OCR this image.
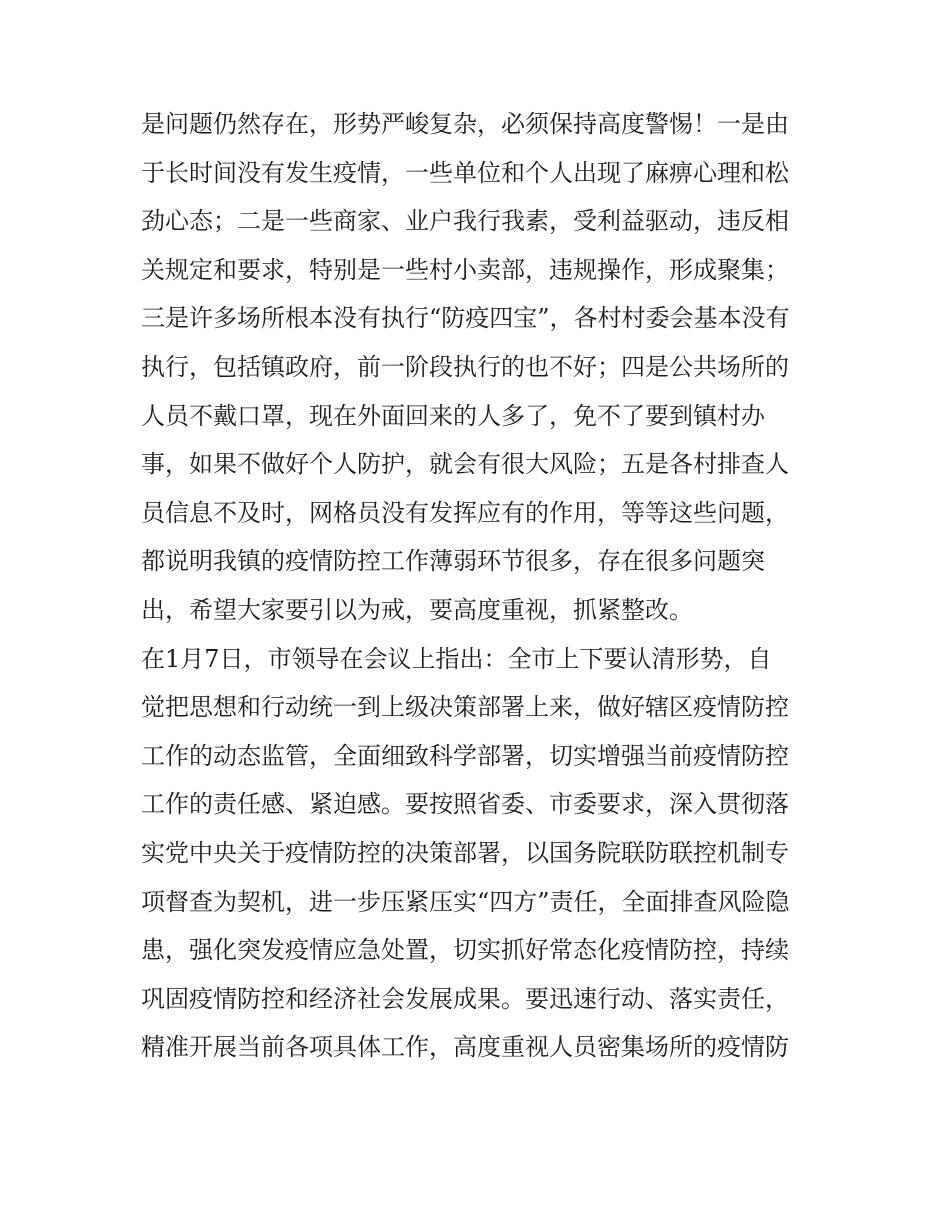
是问题仍然存在，形势严峻复杂，必须保持高度警惕！一是由
于长时间没有发生疫情，一些单位和个人出现了麻痹心理和松
劲心态；二是一些商家、业户我行我素，受利益驱动，违反相
关规定和要求，特别是一些村小卖部，违规操作，形成聚集；
三是许多场所根本没有执行“防疫四宝”，各村村委会基本没有
执行，包括镇政府，前一阶段执行的也不好；四是公共场所的
人员不戴口罩，现在外面回来的人多了，免不了要到镇村办
事，如果不做好个人防护，就会有很大风险；五是各村排查人
员信息不及时，网格员没有发挥应有的作用，等等这些问题，
都说明我镇的疫情防控工作薄弱环节很多，存在很多问题突
出，希望大家要引以为戒，要高度重视，抓紧整改。
在1月7日，市领导在会议上指出：全市上下要认清形势，自
觉把思想和行动统一到上级决策部署上来，做好辖区疫情防控
工作的动态监管，全面细致科学部署，切实增强当前疫情防控
工作的责任感、紧迫感。要按照省委、市委要求，深入贯彻落
实党中央关于疫情防控的决策部署，以国务院联防联控机制专
项督查为契机，进一步压紧压实“四方”责任，全面排查风险隐
患，强化突发疫情应急处置，切实抓好常态化疫情防控，持续
巩固疫情防控和经济社会发展成果。要迅速行动、落实责任，
精准开展当前各项具体工作，高度重视人员密集场所的疫情防
